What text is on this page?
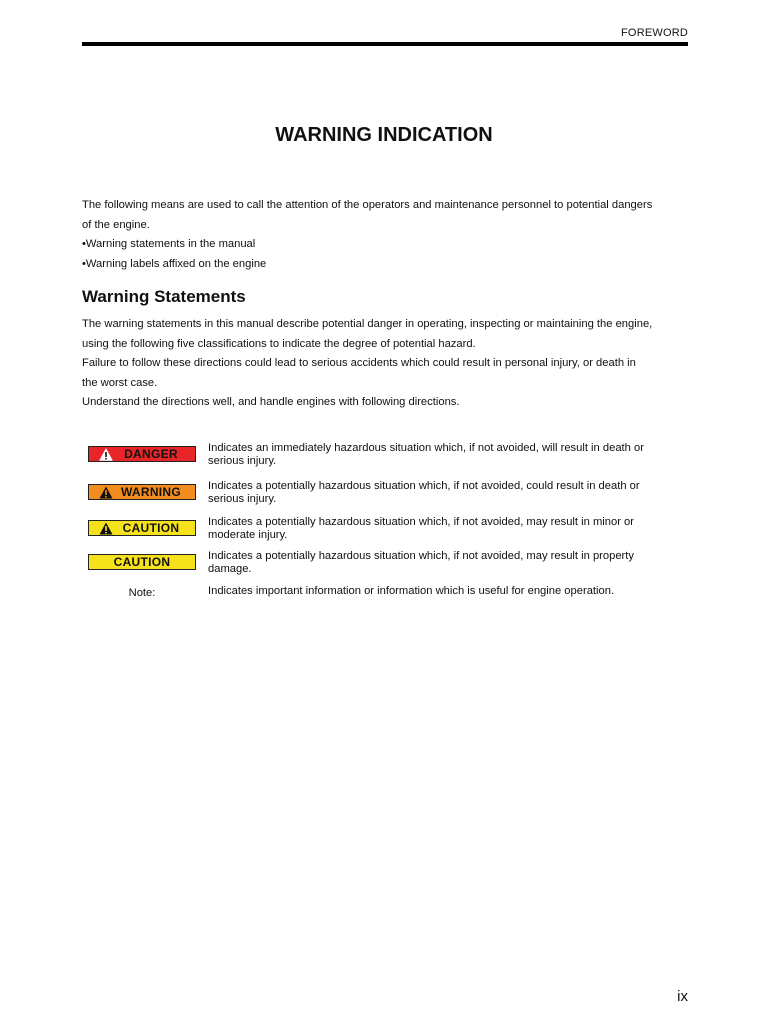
FOREWORD
WARNING INDICATION
The following means are used to call the attention of the operators and maintenance personnel to potential dangers
of the engine.
•Warning statements in the manual
•Warning labels affixed on the engine
Warning Statements
The warning statements in this manual describe potential danger in operating, inspecting or maintaining the engine,
using the following five classifications to indicate the degree of potential hazard.
Failure to follow these directions could lead to serious accidents which could result in personal injury, or death in
the worst case.
Understand the directions well, and handle engines with following directions.
DANGER	Indicates an immediately hazardous situation which, if not avoided, will result in death or serious injury.
WARNING Indicates a potentially hazardous situation which, if not avoided, could result in death or serious injury.
CAUTION	Indicates a potentially hazardous situation which, if not avoided, may result in minor or moderate injury.
CAUTION	Indicates a potentially hazardous situation which, if not avoided, may result in property damage.
Note:	Indicates important information or information which is useful for engine operation.
ix
